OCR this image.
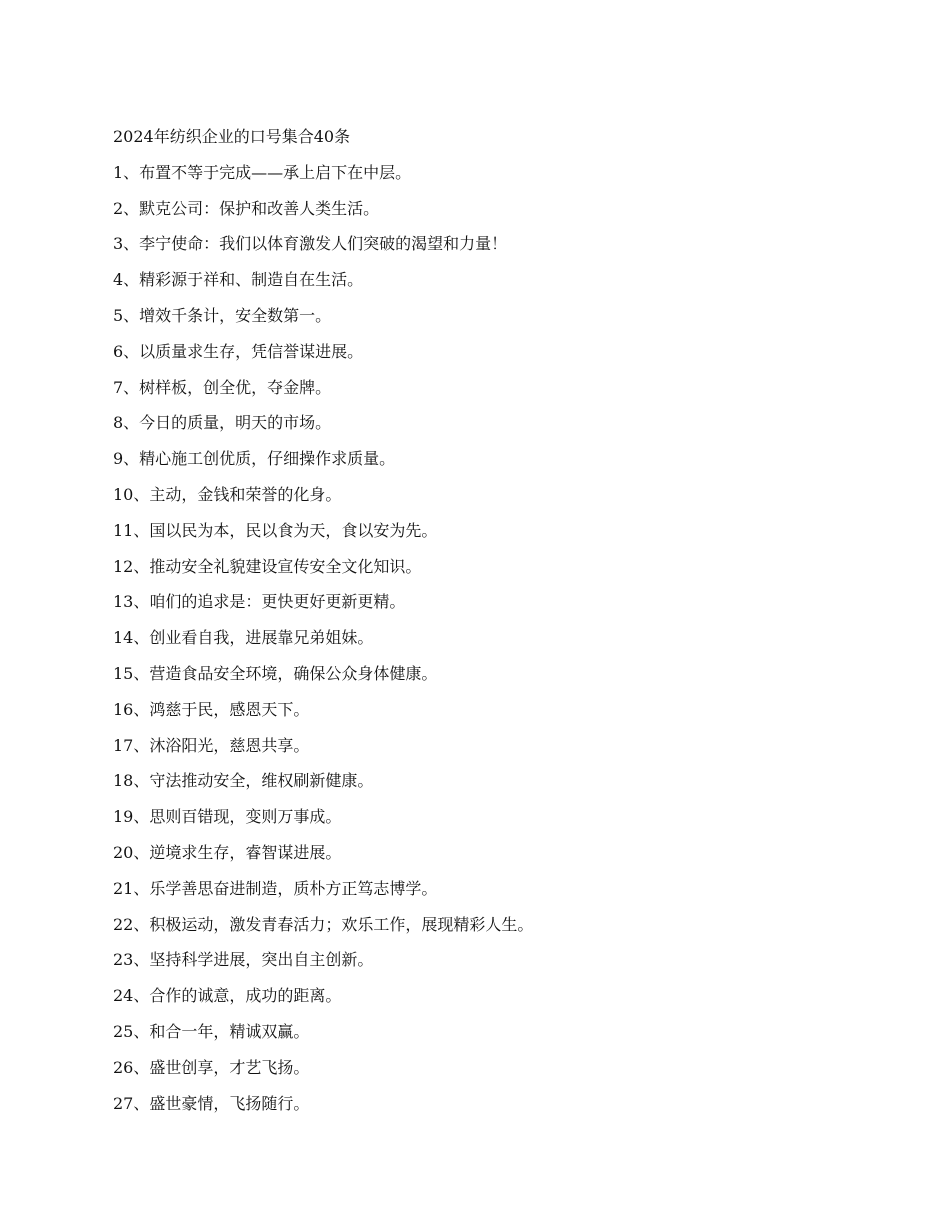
2024年纺织企业的口号集合40条
1、布置不等于完成——承上启下在中层。
2、默克公司：保护和改善人类生活。
3、李宁使命：我们以体育激发人们突破的渴望和力量！
4、精彩源于祥和、制造自在生活。
5、增效千条计，安全数第一。
6、以质量求生存，凭信誉谋进展。
7、树样板，创全优，夺金牌。
8、今日的质量，明天的市场。
9、精心施工创优质，仔细操作求质量。
10、主动，金钱和荣誉的化身。
11、国以民为本，民以食为天，食以安为先。
12、推动安全礼貌建设宣传安全文化知识。
13、咱们的追求是：更快更好更新更精。
14、创业看自我，进展靠兄弟姐妹。
15、营造食品安全环境，确保公众身体健康。
16、鸿慈于民，感恩天下。
17、沐浴阳光，慈恩共享。
18、守法推动安全，维权刷新健康。
19、思则百错现，变则万事成。
20、逆境求生存，睿智谋进展。
21、乐学善思奋进制造，质朴方正笃志博学。
22、积极运动，激发青春活力；欢乐工作，展现精彩人生。
23、坚持科学进展，突出自主创新。
24、合作的诚意，成功的距离。
25、和合一年，精诚双赢。
26、盛世创享，才艺飞扬。
27、盛世豪情，飞扬随行。
